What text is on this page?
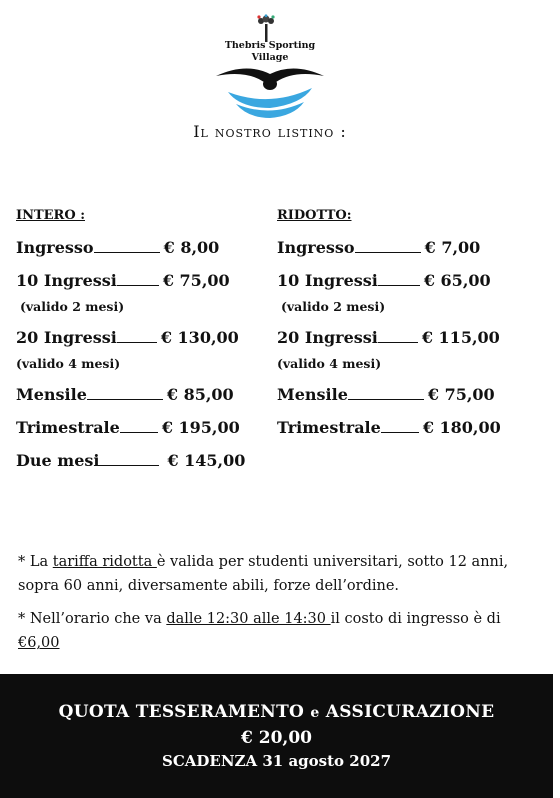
Thebris Sporting
Village
Il nostro listino :
INTERO :
Ingresso	€ 8,00
10 Ingressi	€ 75,00
(valido 2 mesi)
20 Ingressi	€ 130,00
(valido 4 mesi)
Mensile	€ 85,00
Trimestrale	€ 195,00
Due mesi	€ 145,00
RIDOTTO:
Ingresso	€ 7,00
10 Ingressi	€ 65,00
(valido 2 mesi)
20 Ingressi	€ 115,00
(valido 4 mesi)
Mensile	€ 75,00
Trimestrale	€ 180,00
* La tariffa ridotta è valida per studenti universitari, sotto 12 anni, sopra 60 anni, diversamente abili, forze dell’ordine.
* Nell’orario che va dalle 12:30 alle 14:30 il costo di ingresso è di €6,00
QUOTA TESSERAMENTO e ASSICURAZIONE
€ 20,00
SCADENZA 31 agosto 2027
